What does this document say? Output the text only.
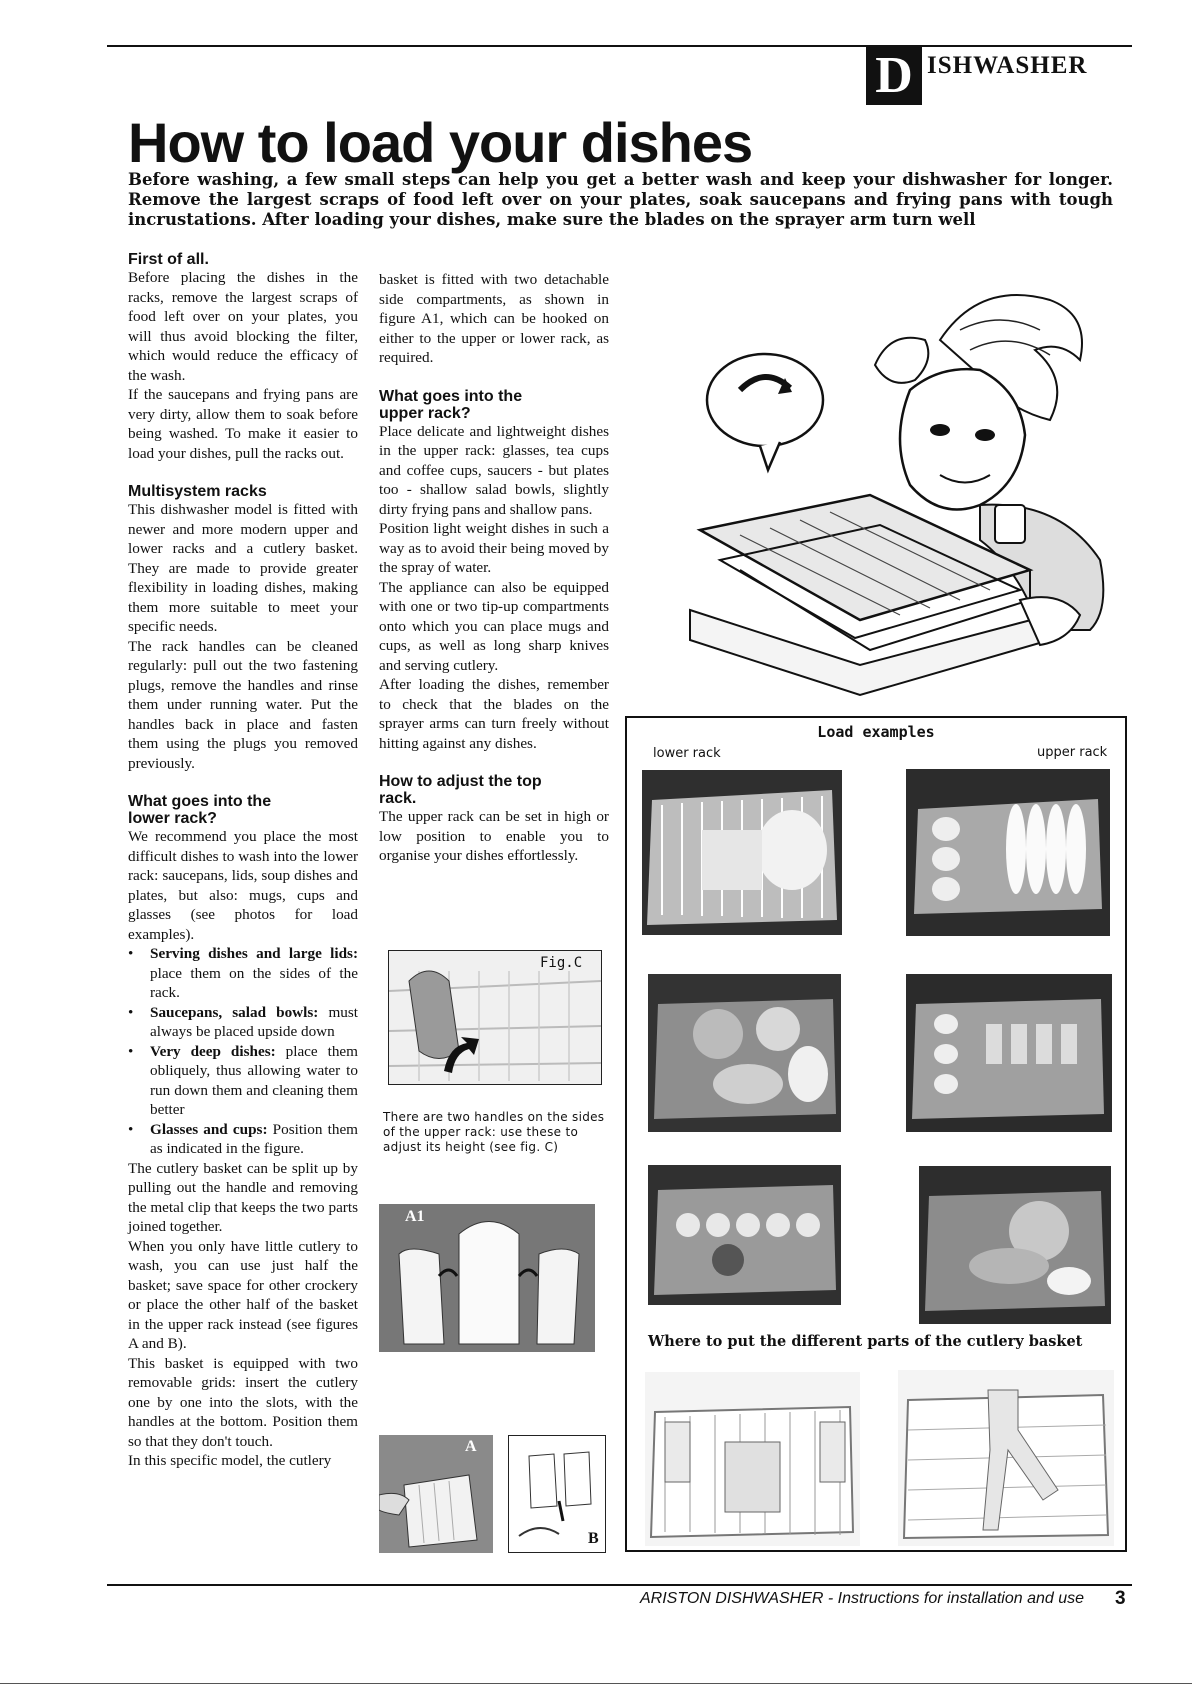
D ISHWASHER
How to load your dishes

Before washing, a few small steps can help you get a better wash and keep your dishwasher for longer.

Remove the largest scraps of food left over on your plates, soak saucepans and frying pans with tough

incrustations. After loading your dishes, make sure the blades on the sprayer arm turn well

First of all.

Before placing the dishes in the racks, remove the largest scraps of food left over on your plates, you will thus avoid blocking the filter, which would reduce the efficacy of the wash.

If the saucepans and frying pans are very dirty, allow them to soak before being washed. To make it easier to load your dishes, pull the racks out.

Multisystem racks

This dishwasher model is fitted with newer and more modern upper and lower racks and a cutlery basket. They are made to provide greater flexibility in loading dishes, making them more suitable to meet your specific needs.

The rack handles can be cleaned regularly: pull out the two fastening plugs, remove the handles and rinse them under running water. Put the handles back in place and fasten them using the plugs you removed previously.

What goes into the
lower rack?

We recommend you place the most difficult dishes to wash into the lower rack: saucepans, lids, soup dishes and plates, but also: mugs, cups and glasses (see photos for load examples).

• Serving dishes and large lids: place them on the sides of the rack.
• Saucepans, salad bowls: must always be placed upside down
• Very deep dishes: place them obliquely, thus allowing water to run down them and cleaning them better
• Glasses and cups: Position them as indicated in the figure.

The cutlery basket can be split up by pulling out the handle and removing the metal clip that keeps the two parts joined together.

When you only have little cutlery to wash, you can use just half the basket; save space for other crockery or place the other half of the basket in the upper rack instead (see figures A and B).

This basket is equipped with two removable grids: insert the cutlery one by one into the slots, with the handles at the bottom. Position them so that they don't touch.

In this specific model, the cutlery

basket is fitted with two detachable side compartments, as shown in figure A1, which can be hooked on either to the upper or lower rack, as required.

What goes into the
upper rack?

Place delicate and lightweight dishes in the upper rack: glasses, tea cups and coffee cups, saucers - but plates too - shallow salad bowls, slightly dirty frying pans and shallow pans.

Position light weight dishes in such a way as to avoid their being moved by the spray of water.

The appliance can also be equipped with one or two tip-up compartments onto which you can place mugs and cups, as well as long sharp knives and serving cutlery.

After loading the dishes, remember to check that the blades on the sprayer arms can turn freely without hitting against any dishes.

How to adjust the top
rack.

The upper rack can be set in high or low position to enable you to organise your dishes effortlessly.

Load examples
lower rack	upper rack
Where to put the different parts of the cutlery basket
Fig.C
There are two handles on the sides of the upper rack: use these to adjust its height (see fig. C)
A1
A
B
ARISTON DISHWASHER - Instructions for installation and use 3
